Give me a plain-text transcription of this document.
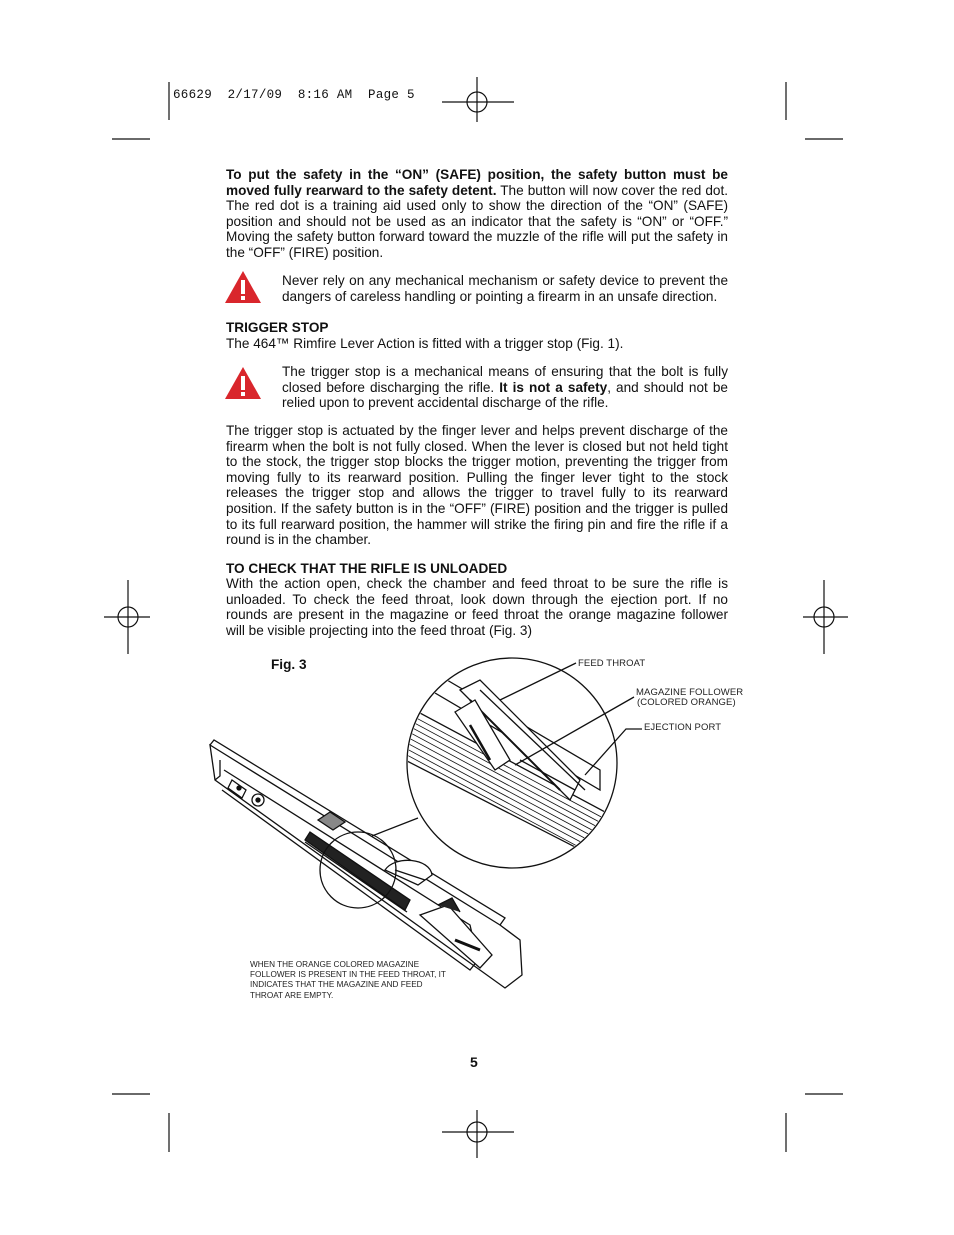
66629  2/17/09  8:16 AM  Page 5
To put the safety in the “ON” (SAFE) position, the safety button must be moved fully rearward to the safety detent. The button will now cover the red dot. The red dot is a training aid used only to show the direction of the “ON” (SAFE) position and should not be used as an indicator that the safety is “ON” or “OFF.” Moving the safety button forward toward the muzzle of the rifle will put the safety in the “OFF” (FIRE) position.
Never rely on any mechanical mechanism or safety device to prevent the dangers of careless handling or pointing a firearm in an unsafe direction.
TRIGGER STOP
The 464™ Rimfire Lever Action is fitted with a trigger stop (Fig. 1).
The trigger stop is a mechanical means of ensuring that the bolt is fully closed before discharging the rifle. It is not a safety, and should not be relied upon to prevent accidental discharge of the rifle.
The trigger stop is actuated by the finger lever and helps prevent discharge of the firearm when the bolt is not fully closed. When the lever is closed but not held tight to the stock, the trigger stop blocks the trigger motion, preventing the trigger from moving fully to its rearward position. Pulling the finger lever tight to the stock releases the trigger stop and allows the trigger to travel fully to its rearward position. If the safety button is in the “OFF” (FIRE) position and the trigger is pulled to its full rearward position, the hammer will strike the firing pin and fire the rifle if a round is in the chamber.
TO CHECK THAT THE RIFLE IS UNLOADED
With the action open, check the chamber and feed throat to be sure the rifle is unloaded. To check the feed throat, look down through the ejection port. If no rounds are present in the magazine or feed throat the orange magazine follower will be visible projecting into the feed throat (Fig. 3)
Fig. 3	FEED THROAT
MAGAZINE FOLLOWER
(COLORED ORANGE)
EJECTION PORT
WHEN THE ORANGE COLORED MAGAZINE FOLLOWER IS PRESENT IN THE FEED THROAT, IT INDICATES THAT THE MAGAZINE AND FEED THROAT ARE EMPTY.
5
